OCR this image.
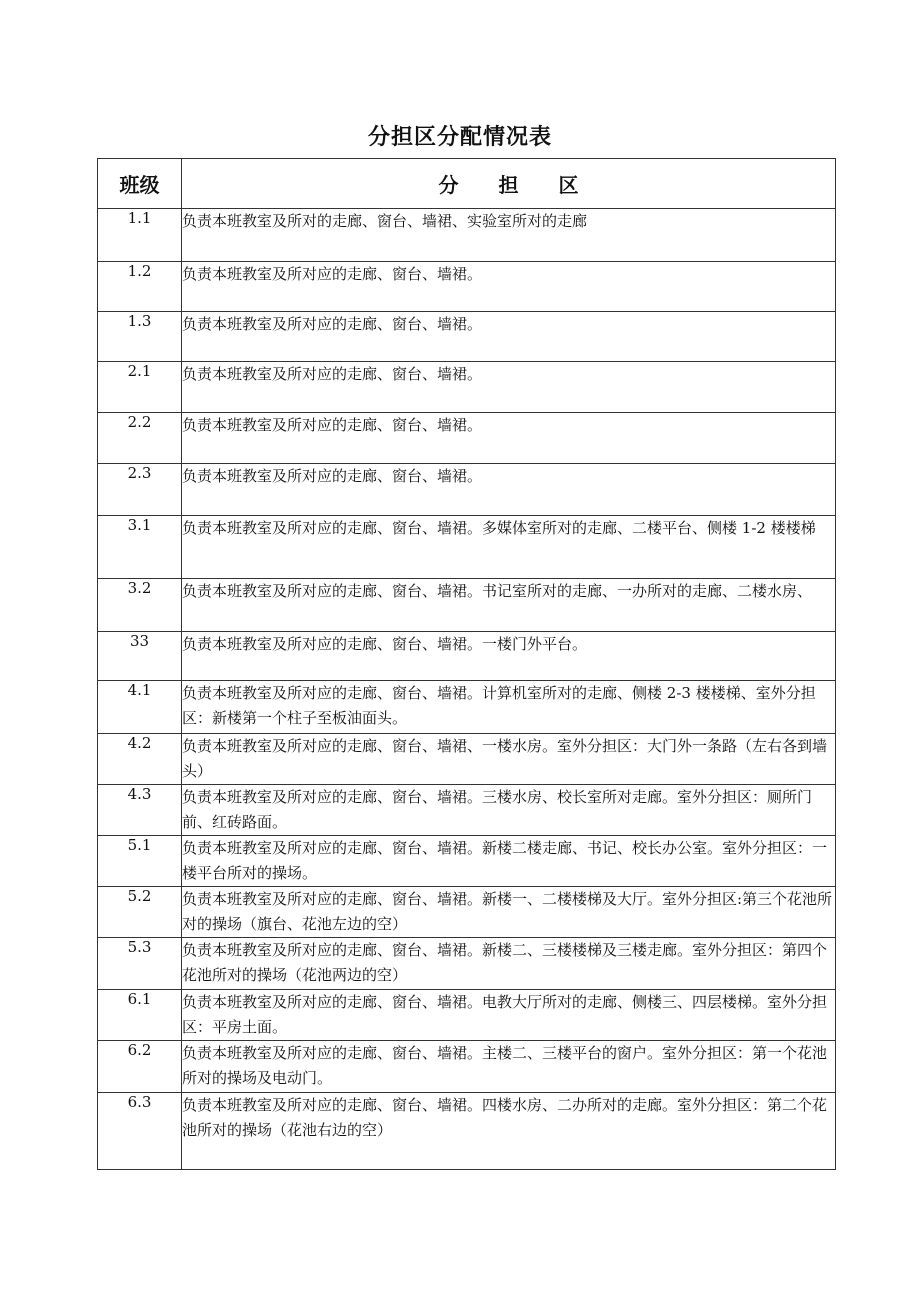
分担区分配情况表
班级	分　　担　　区
1.1	负责本班教室及所对的走廊、窗台、墙裙、实验室所对的走廊
1.2	负责本班教室及所对应的走廊、窗台、墙裙。
1.3	负责本班教室及所对应的走廊、窗台、墙裙。
2.1	负责本班教室及所对应的走廊、窗台、墙裙。
2.2	负责本班教室及所对应的走廊、窗台、墙裙。
2.3	负责本班教室及所对应的走廊、窗台、墙裙。
3.1	负责本班教室及所对应的走廊、窗台、墙裙。多媒体室所对的走廊、二楼平台、侧楼 1-2 楼楼梯
3.2	负责本班教室及所对应的走廊、窗台、墙裙。书记室所对的走廊、一办所对的走廊、二楼水房、
33	负责本班教室及所对应的走廊、窗台、墙裙。一楼门外平台。
4.1	负责本班教室及所对应的走廊、窗台、墙裙。计算机室所对的走廊、侧楼 2-3 楼楼梯、室外分担区：新楼第一个柱子至板油面头。
4.2	负责本班教室及所对应的走廊、窗台、墙裙、一楼水房。室外分担区：大门外一条路（左右各到墙头）
4.3	负责本班教室及所对应的走廊、窗台、墙裙。三楼水房、校长室所对走廊。室外分担区：厕所门前、红砖路面。
5.1	负责本班教室及所对应的走廊、窗台、墙裙。新楼二楼走廊、书记、校长办公室。室外分担区：一楼平台所对的操场。
5.2	负责本班教室及所对应的走廊、窗台、墙裙。新楼一、二楼楼梯及大厅。室外分担区:第三个花池所对的操场（旗台、花池左边的空）
5.3	负责本班教室及所对应的走廊、窗台、墙裙。新楼二、三楼楼梯及三楼走廊。室外分担区：第四个花池所对的操场（花池两边的空）
6.1	负责本班教室及所对应的走廊、窗台、墙裙。电教大厅所对的走廊、侧楼三、四层楼梯。室外分担区：平房土面。
6.2	负责本班教室及所对应的走廊、窗台、墙裙。主楼二、三楼平台的窗户。室外分担区：第一个花池所对的操场及电动门。
6.3	负责本班教室及所对应的走廊、窗台、墙裙。四楼水房、二办所对的走廊。室外分担区：第二个花池所对的操场（花池右边的空）
